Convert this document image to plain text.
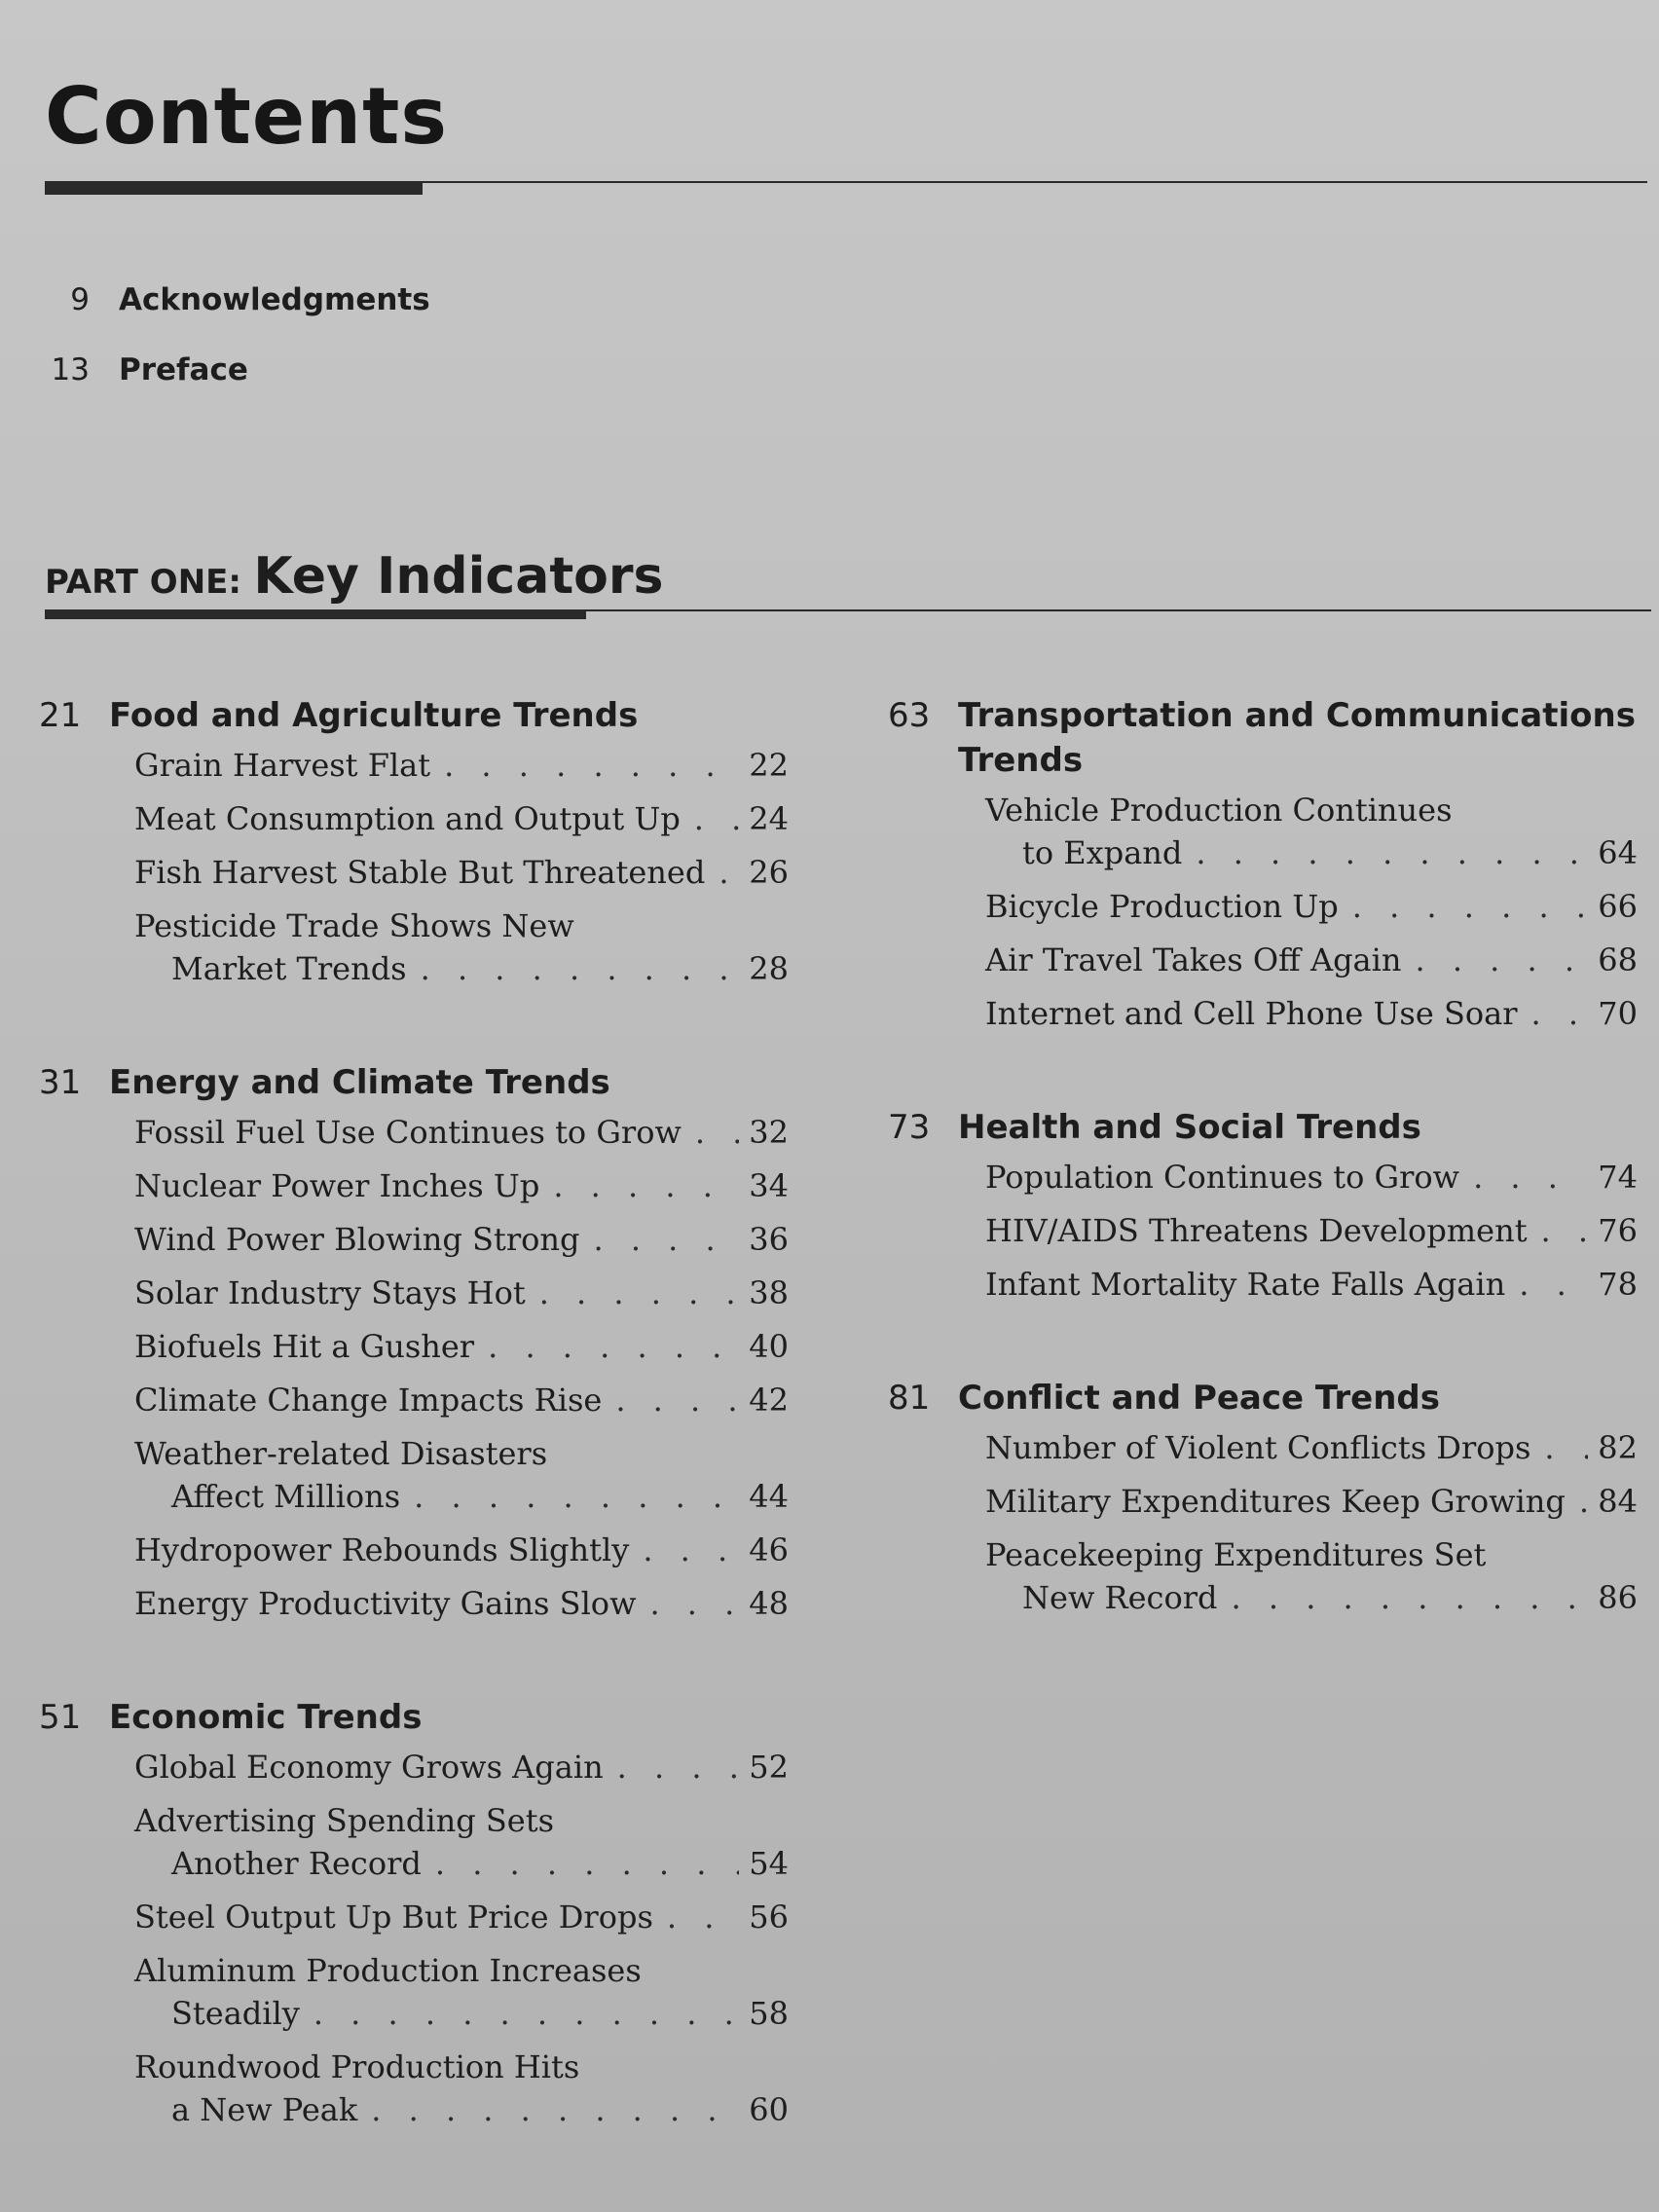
Contents
9 Acknowledgments
13 Preface
PART ONE: Key Indicators
21 Food and Agriculture Trends
Grain Harvest Flat . . .	22
Meat Consumption and Output Up . . . 24
Fish Harvest Stable But Threatened . . . 26
Pesticide Trade Shows New
Market Trends . . .	28
31 Energy and Climate Trends
Fossil Fuel Use Continues to Grow . . . 32
Nuclear Power Inches Up . . .	34
Wind Power Blowing Strong . . .	36
Solar Industry Stays Hot . . .	38
Biofuels Hit a Gusher . . .	40
Climate Change Impacts Rise . . .	42
Weather-related Disasters
Affect Millions . . .	44
Hydropower Rebounds Slightly . . .	46
Energy Productivity Gains Slow . . .	48
51 Economic Trends
Global Economy Grows Again . . .	52
Advertising Spending Sets
Another Record . . .	54
Steel Output Up But Price Drops . . .	56
Aluminum Production Increases
Steadily . . .	58
Roundwood Production Hits
a New Peak . . .	60
63 Transportation and Communications Trends
Vehicle Production Continues
to Expand . . .	64
Bicycle Production Up . . .	66
Air Travel Takes Off Again . . .	68
Internet and Cell Phone Use Soar . . .	70
73 Health and Social Trends
Population Continues to Grow . . .	74
HIV/AIDS Threatens Development . . . 76
Infant Mortality Rate Falls Again . . .	78
81 Conflict and Peace Trends
Number of Violent Conflicts Drops . . . 82
Military Expenditures Keep Growing . . . 84
Peacekeeping Expenditures Set
New Record . . .	86
